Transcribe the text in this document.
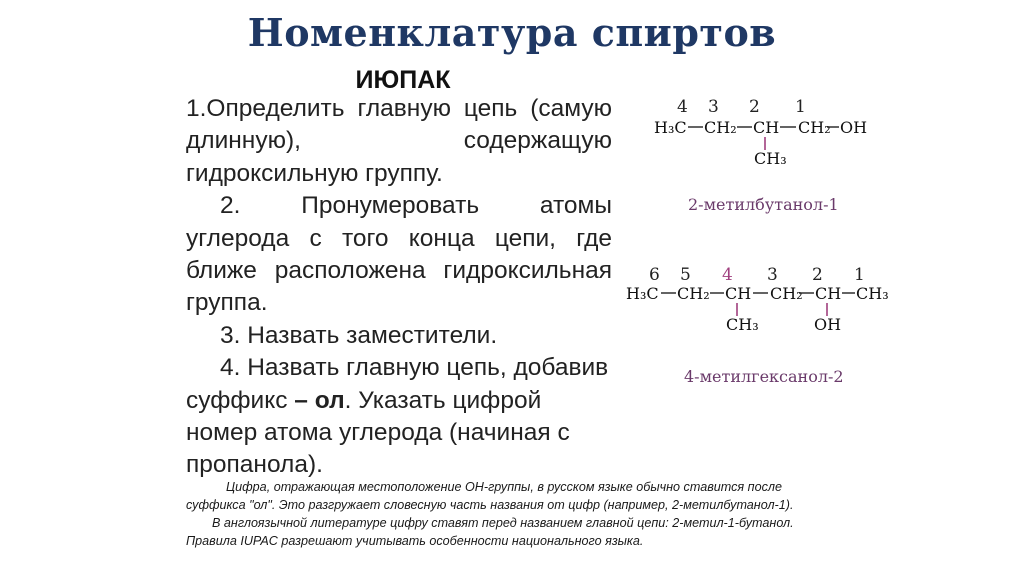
Номенклатура спиртов
ИЮПАК

1.Определить главную цепь (самую длинную), содержащую гидроксильную группу.

2. Пронумеровать атомы углерода с того конца цепи, где ближе расположена гидроксильная группа.

3. Назвать заместители.

4. Назвать главную цепь, добавив суффикс – ол. Указать цифрой номер атома углерода (начиная с пропанола).

4 3 2 1
H₃C CH₂ CH CH₂ OH
CH₃
2-метилбутанол-1
6 5 4 3 2 1
H₃C CH₂ CH CH₂ CH CH₃
CH₃	OH
4-метилгексанол-2
Цифра, отражающая местоположение ОН-группы, в русском языке обычно ставится после
суффикса "ол". Это разгружает словесную часть названия от цифр (например, 2-метилбутанол-1).
В англоязычной литературе цифру ставят перед названием главной цепи: 2-метил-1-бутанол.
Правила IUPAC разрешают учитывать особенности национального языка.
